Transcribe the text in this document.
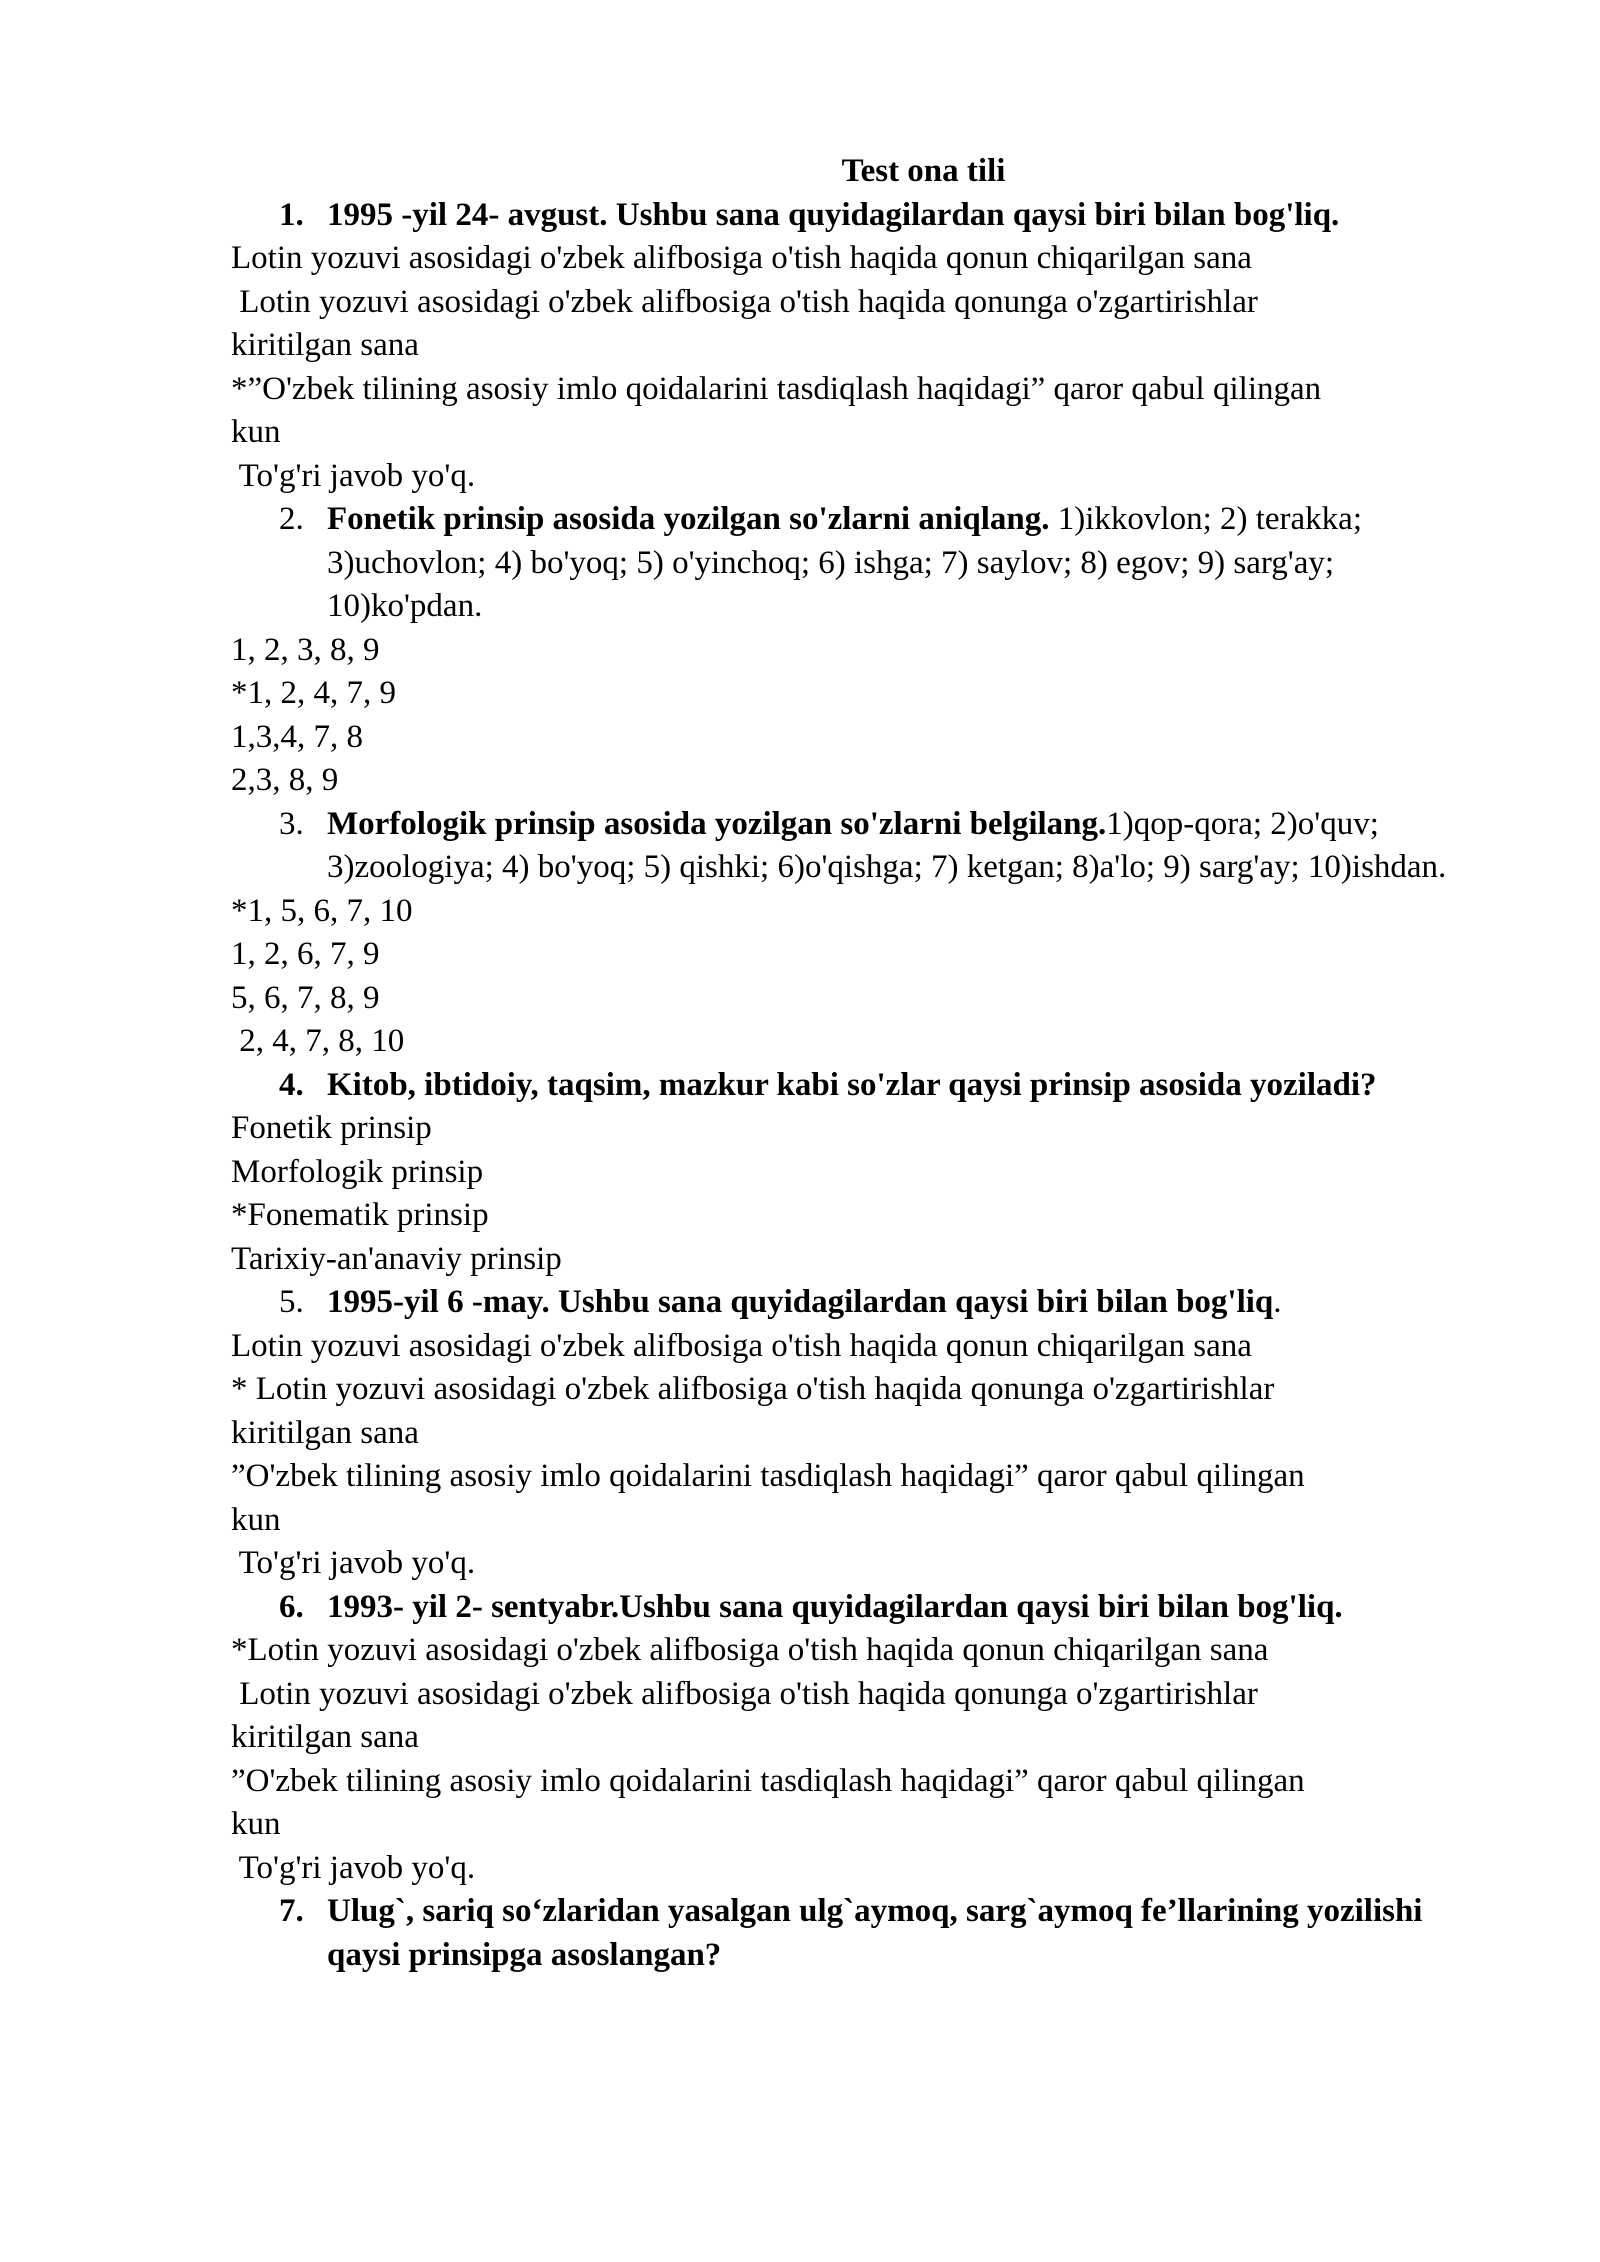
Test ona tili
1. 1995 -yil 24- avgust. Ushbu sana quyidagilardan qaysi biri bilan bog'liq.
Lotin yozuvi asosidagi o'zbek alifbosiga o'tish haqida qonun chiqarilgan sana
Lotin yozuvi asosidagi o'zbek alifbosiga o'tish haqida qonunga o'zgartirishlar
kiritilgan sana
*”O'zbek tilining asosiy imlo qoidalarini tasdiqlash haqidagi” qaror qabul qilingan
kun
To'g'ri javob yo'q.
2. Fonetik prinsip asosida yozilgan so'zlarni aniqlang. 1)ikkovlon; 2) terakka; 3)uchovlon; 4) bo'yoq; 5) o'yinchoq; 6) ishga; 7) saylov; 8) egov; 9) sarg'ay; 10)ko'pdan.
1, 2, 3, 8, 9
*1, 2, 4, 7, 9
1,3,4, 7, 8
2,3, 8, 9
3. Morfologik prinsip asosida yozilgan so'zlarni belgilang.1)qop-qora; 2)o'quv; 3)zoologiya; 4) bo'yoq; 5) qishki; 6)o'qishga; 7) ketgan; 8)a'lo; 9) sarg'ay; 10)ishdan.
*1, 5, 6, 7, 10
1, 2, 6, 7, 9
5, 6, 7, 8, 9
2, 4, 7, 8, 10
4. Kitob, ibtidoiy, taqsim, mazkur kabi so'zlar qaysi prinsip asosida yoziladi?
Fonetik prinsip
Morfologik prinsip
*Fonematik prinsip
Tarixiy-an'anaviy prinsip
5. 1995-yil 6 -may. Ushbu sana quyidagilardan qaysi biri bilan bog'liq.
Lotin yozuvi asosidagi o'zbek alifbosiga o'tish haqida qonun chiqarilgan sana
* Lotin yozuvi asosidagi o'zbek alifbosiga o'tish haqida qonunga o'zgartirishlar
kiritilgan sana
”O'zbek tilining asosiy imlo qoidalarini tasdiqlash haqidagi” qaror qabul qilingan
kun
To'g'ri javob yo'q.
6. 1993- yil 2- sentyabr.Ushbu sana quyidagilardan qaysi biri bilan bog'liq.
*Lotin yozuvi asosidagi o'zbek alifbosiga o'tish haqida qonun chiqarilgan sana
Lotin yozuvi asosidagi o'zbek alifbosiga o'tish haqida qonunga o'zgartirishlar
kiritilgan sana
”O'zbek tilining asosiy imlo qoidalarini tasdiqlash haqidagi” qaror qabul qilingan
kun
To'g'ri javob yo'q.
7. Ulug`, sariq so‘zlaridan yasalgan ulg`aymoq, sarg`aymoq fe’llarining yozilishi qaysi prinsipga asoslangan?
